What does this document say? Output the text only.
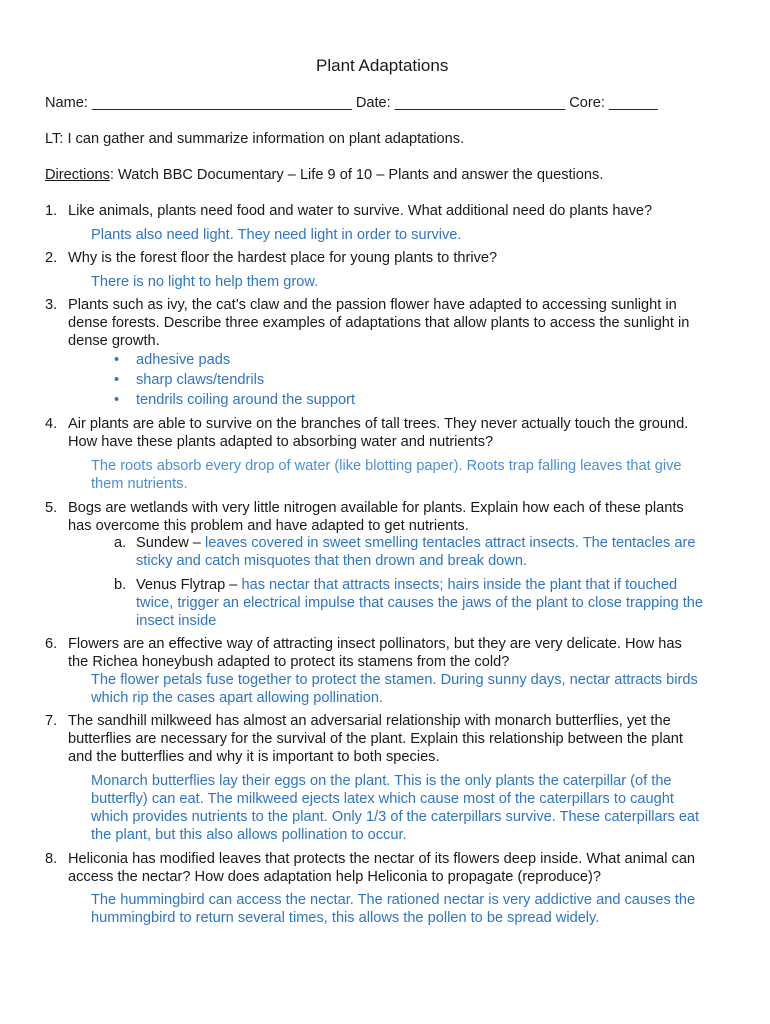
Plant Adaptations
Name: ________________________________ Date: _____________________ Core: ______
LT: I can gather and summarize information on plant adaptations.
Directions: Watch BBC Documentary – Life 9 of 10 – Plants and answer the questions.
1. Like animals, plants need food and water to survive. What additional need do plants have?
Plants also need light. They need light in order to survive.
2. Why is the forest floor the hardest place for young plants to thrive?
There is no light to help them grow.
3. Plants such as ivy, the cat’s claw and the passion flower have adapted to accessing sunlight in
dense forests. Describe three examples of adaptations that allow plants to access the sunlight in
dense growth.
• adhesive pads
• sharp claws/tendrils
• tendrils coiling around the support
4. Air plants are able to survive on the branches of tall trees. They never actually touch the ground.
How have these plants adapted to absorbing water and nutrients?
The roots absorb every drop of water (like blotting paper). Roots trap falling leaves that give
them nutrients.
5. Bogs are wetlands with very little nitrogen available for plants. Explain how each of these plants
has overcome this problem and have adapted to get nutrients.
a. Sundew – leaves covered in sweet smelling tentacles attract insects. The tentacles are
sticky and catch misquotes that then drown and break down.
b. Venus Flytrap – has nectar that attracts insects; hairs inside the plant that if touched
twice, trigger an electrical impulse that causes the jaws of the plant to close trapping the
insect inside
6. Flowers are an effective way of attracting insect pollinators, but they are very delicate. How has
the Richea honeybush adapted to protect its stamens from the cold?
The flower petals fuse together to protect the stamen. During sunny days, nectar attracts birds
which rip the cases apart allowing pollination.
7. The sandhill milkweed has almost an adversarial relationship with monarch butterflies, yet the
butterflies are necessary for the survival of the plant. Explain this relationship between the plant
and the butterflies and why it is important to both species.
Monarch butterflies lay their eggs on the plant. This is the only plants the caterpillar (of the
butterfly) can eat. The milkweed ejects latex which cause most of the caterpillars to caught
which provides nutrients to the plant. Only 1/3 of the caterpillars survive. These caterpillars eat
the plant, but this also allows pollination to occur.
8. Heliconia has modified leaves that protects the nectar of its flowers deep inside. What animal can
access the nectar? How does adaptation help Heliconia to propagate (reproduce)?
The hummingbird can access the nectar. The rationed nectar is very addictive and causes the
hummingbird to return several times, this allows the pollen to be spread widely.
